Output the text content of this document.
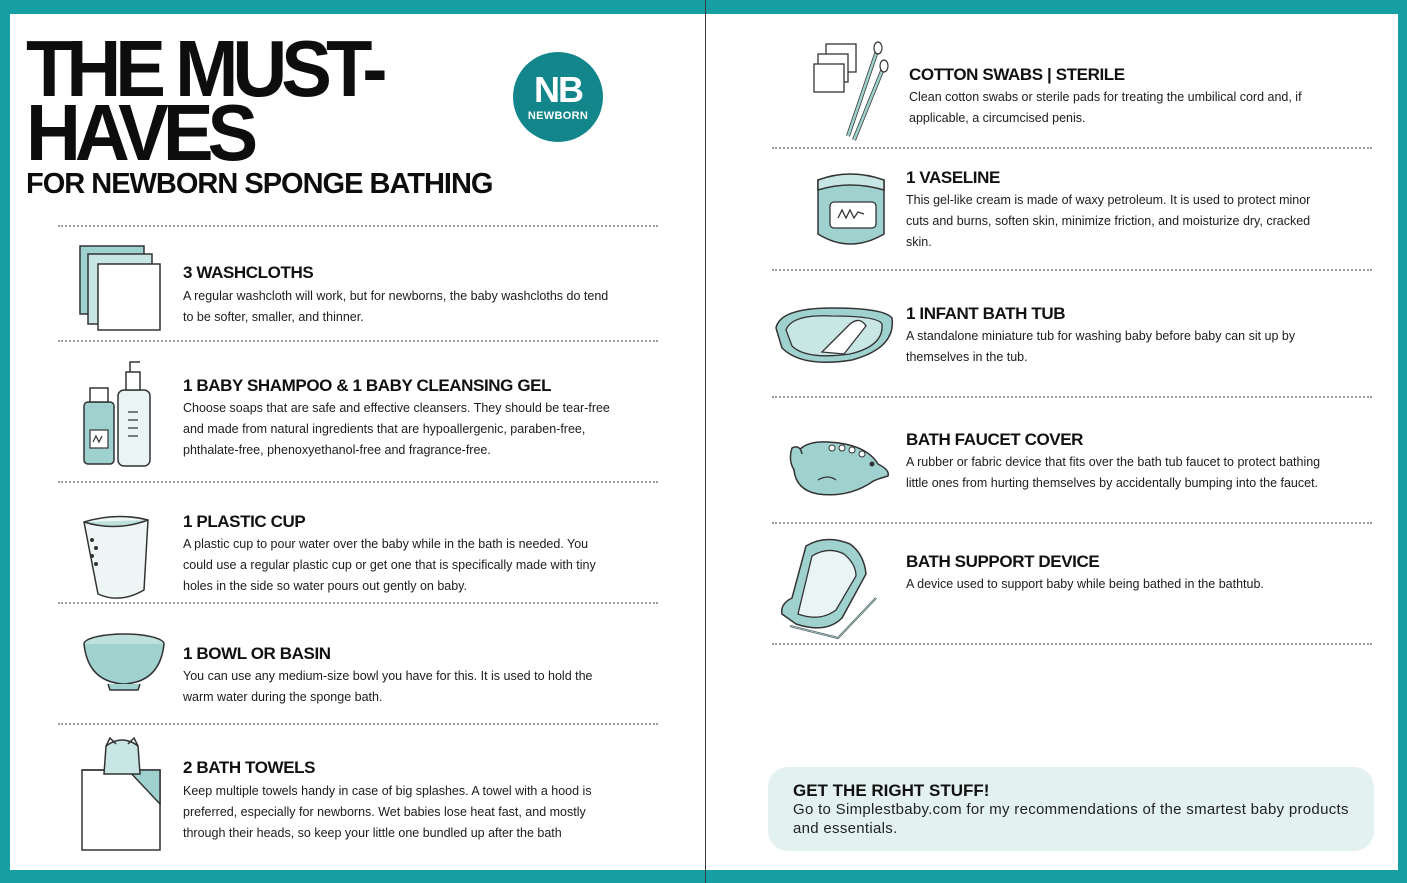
THE MUST-
HAVES
FOR NEWBORN SPONGE BATHING
NB
NEWBORN
3 WASHCLOTHS

A regular washcloth will work, but for newborns, the baby washcloths do tend to be softer, smaller, and thinner.

1 BABY SHAMPOO & 1 BABY CLEANSING GEL

Choose soaps that are safe and effective cleansers. They should be tear-free and made from natural ingredients that are hypoallergenic, paraben-free, phthalate-free, phenoxyethanol-free and fragrance-free.

1 PLASTIC CUP

A plastic cup to pour water over the baby while in the bath is needed. You could use a regular plastic cup or get one that is specifically made with tiny holes in the side so water pours out gently on baby.

1 BOWL OR BASIN

You can use any medium-size bowl you have for this. It is used to hold the warm water during the sponge bath.

2 BATH TOWELS

Keep multiple towels handy in case of big splashes. A towel with a hood is preferred, especially for newborns. Wet babies lose heat fast, and mostly through their heads, so keep your little one bundled up after the bath

COTTON SWABS | STERILE

Clean cotton swabs or sterile pads for treating the umbilical cord and, if applicable, a circumcised penis.

1 VASELINE

This gel-like cream is made of waxy petroleum. It is used to protect minor cuts and burns, soften skin, minimize friction, and moisturize dry, cracked skin.

1 INFANT BATH TUB

A standalone miniature tub for washing baby before baby can sit up by themselves in the tub.

BATH FAUCET COVER

A rubber or fabric device that fits over the bath tub faucet to protect bathing little ones from hurting themselves by accidentally bumping into the faucet.

BATH SUPPORT DEVICE

A device used to support baby while being bathed in the bathtub.

GET THE RIGHT STUFF!

Go to Simplestbaby.com for my recommendations of the smartest baby products and essentials.
